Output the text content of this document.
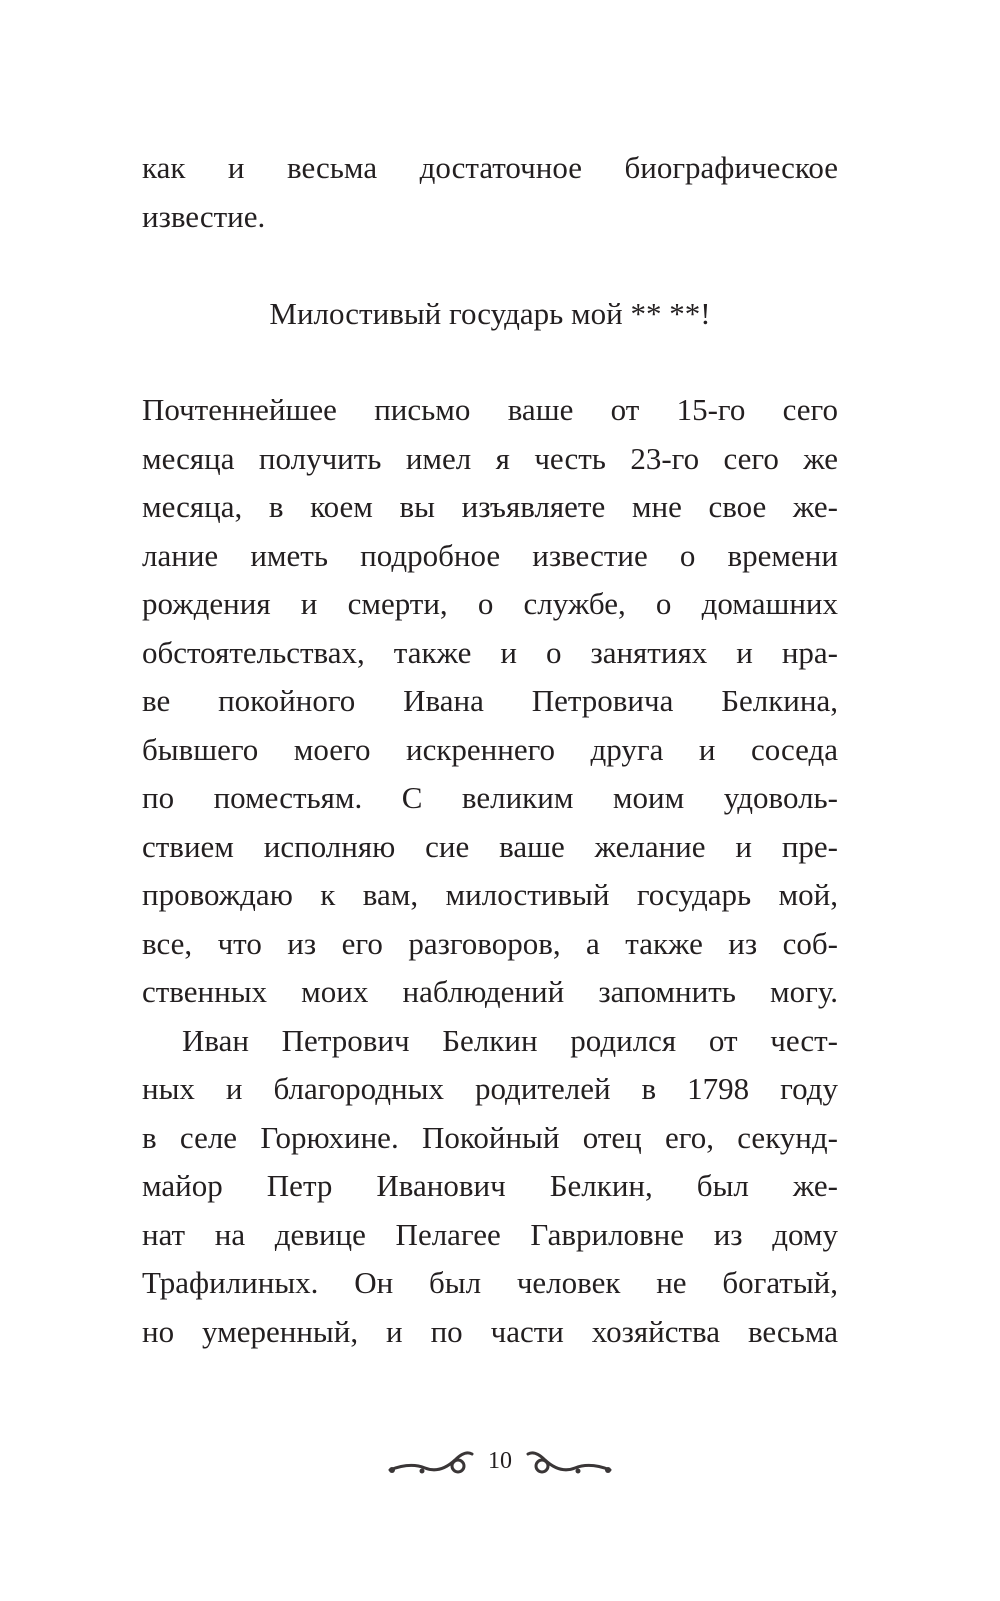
как и весьма достаточное биографическое
известие.
Милостивый государь мой ** **!
Почтеннейшее письмо ваше от 15-го сего
месяца получить имел я честь 23-го сего же
месяца, в коем вы изъявляете мне свое же-
лание иметь подробное известие о времени
рождения и смерти, о службе, о домашних
обстоятельствах, также и о занятиях и нра-
ве покойного Ивана Петровича Белкина,
бывшего моего искреннего друга и соседа
по поместьям. С великим моим удоволь-
ствием исполняю сие ваше желание и пре-
провождаю к вам, милостивый государь мой,
все, что из его разговоров, а также из соб-
ственных моих наблюдений запомнить могу.
Иван Петрович Белкин родился от чест-
ных и благородных родителей в 1798 году
в селе Горюхине. Покойный отец его, секунд-
майор Петр Иванович Белкин, был же-
нат на девице Пелагее Гавриловне из дому
Трафилиных. Он был человек не богатый,
но умеренный, и по части хозяйства весьма
10
